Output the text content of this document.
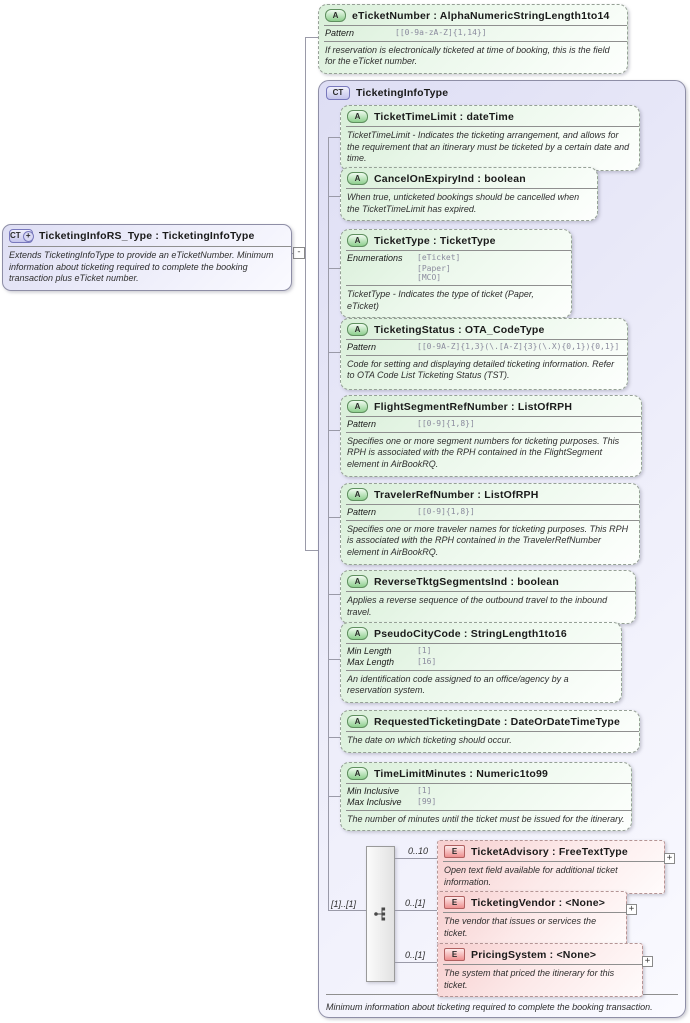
-
CT + TicketingInfoRS_Type : TicketingInfoType
Extends TicketingInfoType to provide an eTicketNumber. Minimum information about ticketing required to complete the booking transaction plus eTicket number.
A	eTicketNumber : AlphaNumericStringLength1to14
Pattern	[[0-9a-zA-Z]{1,14}]
If reservation is electronically ticketed at time of booking, this is the field for the eTicket number.
CT	TicketingInfoType
Minimum information about ticketing required to complete the booking transaction.
A	TicketTimeLimit : dateTime
TicketTimeLimit - Indicates the ticketing arrangement, and allows for the requirement that an itinerary must be ticketed by a certain date and time.
A	CancelOnExpiryInd : boolean
When true, unticketed bookings should be cancelled when the TicketTimeLimit has expired.
A	TicketType : TicketType
Enumerations	[eTicket]
[Paper]
[MCO]
TicketType - Indicates the type of ticket (Paper, eTicket)
A	TicketingStatus : OTA_CodeType
Pattern	[[0-9A-Z]{1,3}(\.[A-Z]{3}(\.X){0,1}){0,1}]
Code for setting and displaying detailed ticketing information. Refer to OTA Code List Ticketing Status (TST).
A	FlightSegmentRefNumber : ListOfRPH
Pattern	[[0-9]{1,8}]
Specifies one or more segment numbers for ticketing purposes. This RPH is associated with the RPH contained in the FlightSegment element in AirBookRQ.
A	TravelerRefNumber : ListOfRPH
Pattern	[[0-9]{1,8}]
Specifies one or more traveler names for ticketing purposes. This RPH is associated with the RPH contained in the TravelerRefNumber element in AirBookRQ.
A	ReverseTktgSegmentsInd : boolean
Applies a reverse sequence of the outbound travel to the inbound travel.
A	PseudoCityCode : StringLength1to16
Min Length	[1]
Max Length	[16]
An identification code assigned to an office/agency by a reservation system.
A	RequestedTicketingDate : DateOrDateTimeType
The date on which ticketing should occur.
A	TimeLimitMinutes : Numeric1to99
Min Inclusive	[1]
Max Inclusive	[99]
The number of minutes until the ticket must be issued for the itinerary.
[1]..[1]
0..10
0..[1]
0..[1]
E	TicketAdvisory : FreeTextType
Open text field available for additional ticket information.
+
E	TicketingVendor : <None>
The vendor that issues or services the ticket.
+
E	PricingSystem : <None>
The system that priced the itinerary for this ticket.
+
